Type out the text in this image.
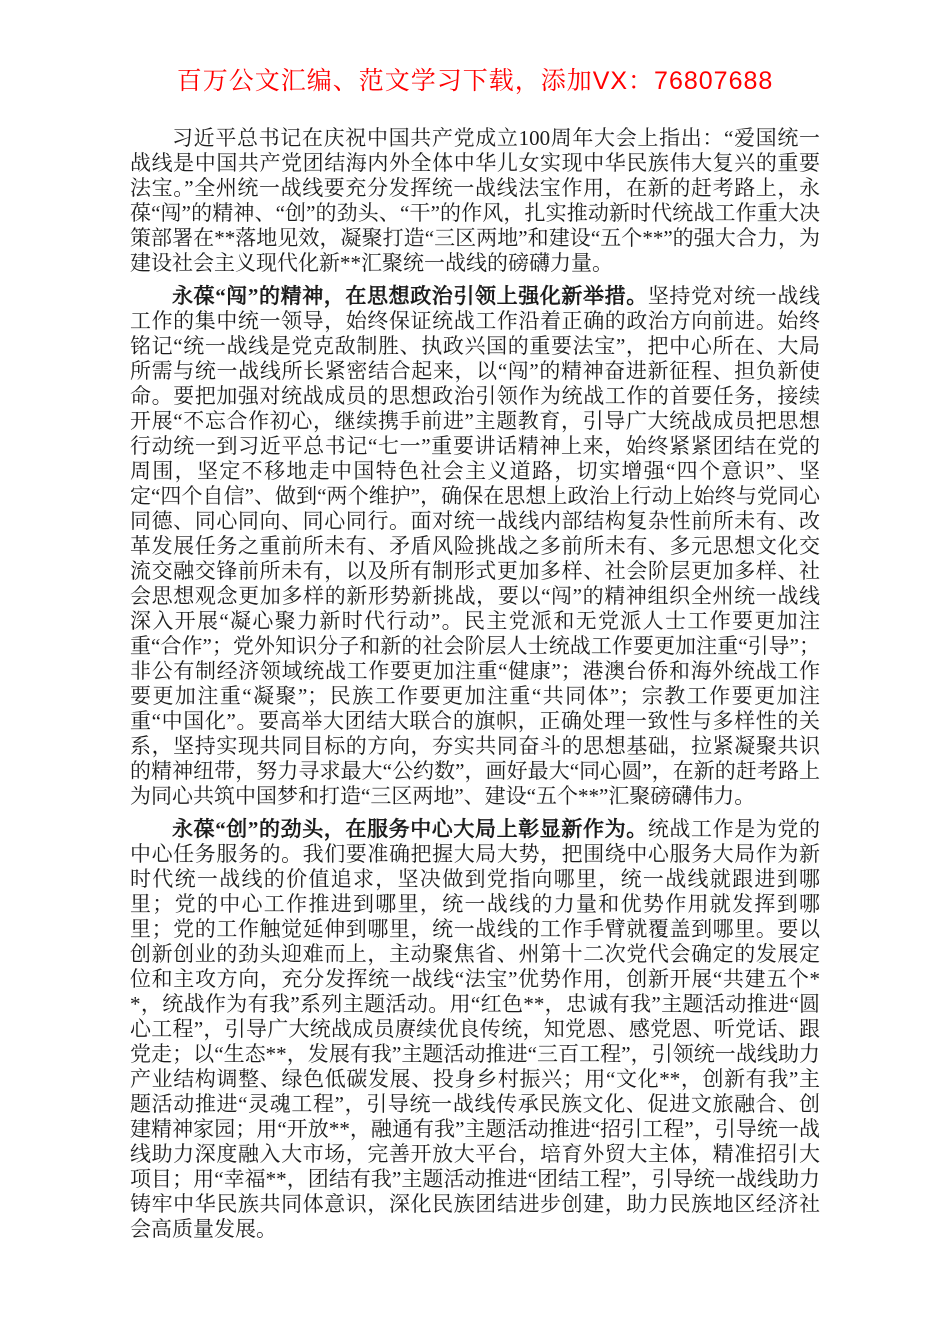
百万公文汇编、范文学习下载，添加VX：76807688

习近平总书记在庆祝中国共产党成立100周年大会上指出：“爱国统一战线是中国共产党团结海内外全体中华儿女实现中华民族伟大复兴的重要法宝。”全州统一战线要充分发挥统一战线法宝作用，在新的赶考路上，永葆“闯”的精神、“创”的劲头、“干”的作风，扎实推动新时代统战工作重大决策部署在**落地见效，凝聚打造“三区两地”和建设“五个**”的强大合力，为建设社会主义现代化新**汇聚统一战线的磅礴力量。

永葆“闯”的精神，在思想政治引领上强化新举措。坚持党对统一战线工作的集中统一领导，始终保证统战工作沿着正确的政治方向前进。始终铭记“统一战线是党克敌制胜、执政兴国的重要法宝”，把中心所在、大局所需与统一战线所长紧密结合起来，以“闯”的精神奋进新征程、担负新使命。要把加强对统战成员的思想政治引领作为统战工作的首要任务，接续开展“不忘合作初心，继续携手前进”主题教育，引导广大统战成员把思想行动统一到习近平总书记“七一”重要讲话精神上来，始终紧紧团结在党的周围，坚定不移地走中国特色社会主义道路，切实增强“四个意识”、坚定“四个自信”、做到“两个维护”，确保在思想上政治上行动上始终与党同心同德、同心同向、同心同行。面对统一战线内部结构复杂性前所未有、改革发展任务之重前所未有、矛盾风险挑战之多前所未有、多元思想文化交流交融交锋前所未有，以及所有制形式更加多样、社会阶层更加多样、社会思想观念更加多样的新形势新挑战，要以“闯”的精神组织全州统一战线深入开展“凝心聚力新时代行动”。民主党派和无党派人士工作要更加注重“合作”；党外知识分子和新的社会阶层人士统战工作要更加注重“引导”；非公有制经济领域统战工作要更加注重“健康”；港澳台侨和海外统战工作要更加注重“凝聚”；民族工作要更加注重“共同体”；宗教工作要更加注重“中国化”。要高举大团结大联合的旗帜，正确处理一致性与多样性的关系，坚持实现共同目标的方向，夯实共同奋斗的思想基础，拉紧凝聚共识的精神纽带，努力寻求最大“公约数”，画好最大“同心圆”，在新的赶考路上为同心共筑中国梦和打造“三区两地”、建设“五个**”汇聚磅礴伟力。

永葆“创”的劲头，在服务中心大局上彰显新作为。统战工作是为党的中心任务服务的。我们要准确把握大局大势，把围绕中心服务大局作为新时代统一战线的价值追求，坚决做到党指向哪里，统一战线就跟进到哪里；党的中心工作推进到哪里，统一战线的力量和优势作用就发挥到哪里；党的工作触觉延伸到哪里，统一战线的工作手臂就覆盖到哪里。要以创新创业的劲头迎难而上，主动聚焦省、州第十二次党代会确定的发展定位和主攻方向，充分发挥统一战线“法宝”优势作用，创新开展“共建五个**，统战作为有我”系列主题活动。用“红色**，忠诚有我”主题活动推进“圆心工程”，引导广大统战成员赓续优良传统，知党恩、感党恩、听党话、跟党走；以“生态**，发展有我”主题活动推进“三百工程”，引领统一战线助力产业结构调整、绿色低碳发展、投身乡村振兴；用“文化**，创新有我”主题活动推进“灵魂工程”，引导统一战线传承民族文化、促进文旅融合、创建精神家园；用“开放**，融通有我”主题活动推进“招引工程”，引导统一战线助力深度融入大市场，完善开放大平台，培育外贸大主体，精准招引大项目；用“幸福**，团结有我”主题活动推进“团结工程”，引导统一战线助力铸牢中华民族共同体意识，深化民族团结进步创建，助力民族地区经济社会高质量发展。
